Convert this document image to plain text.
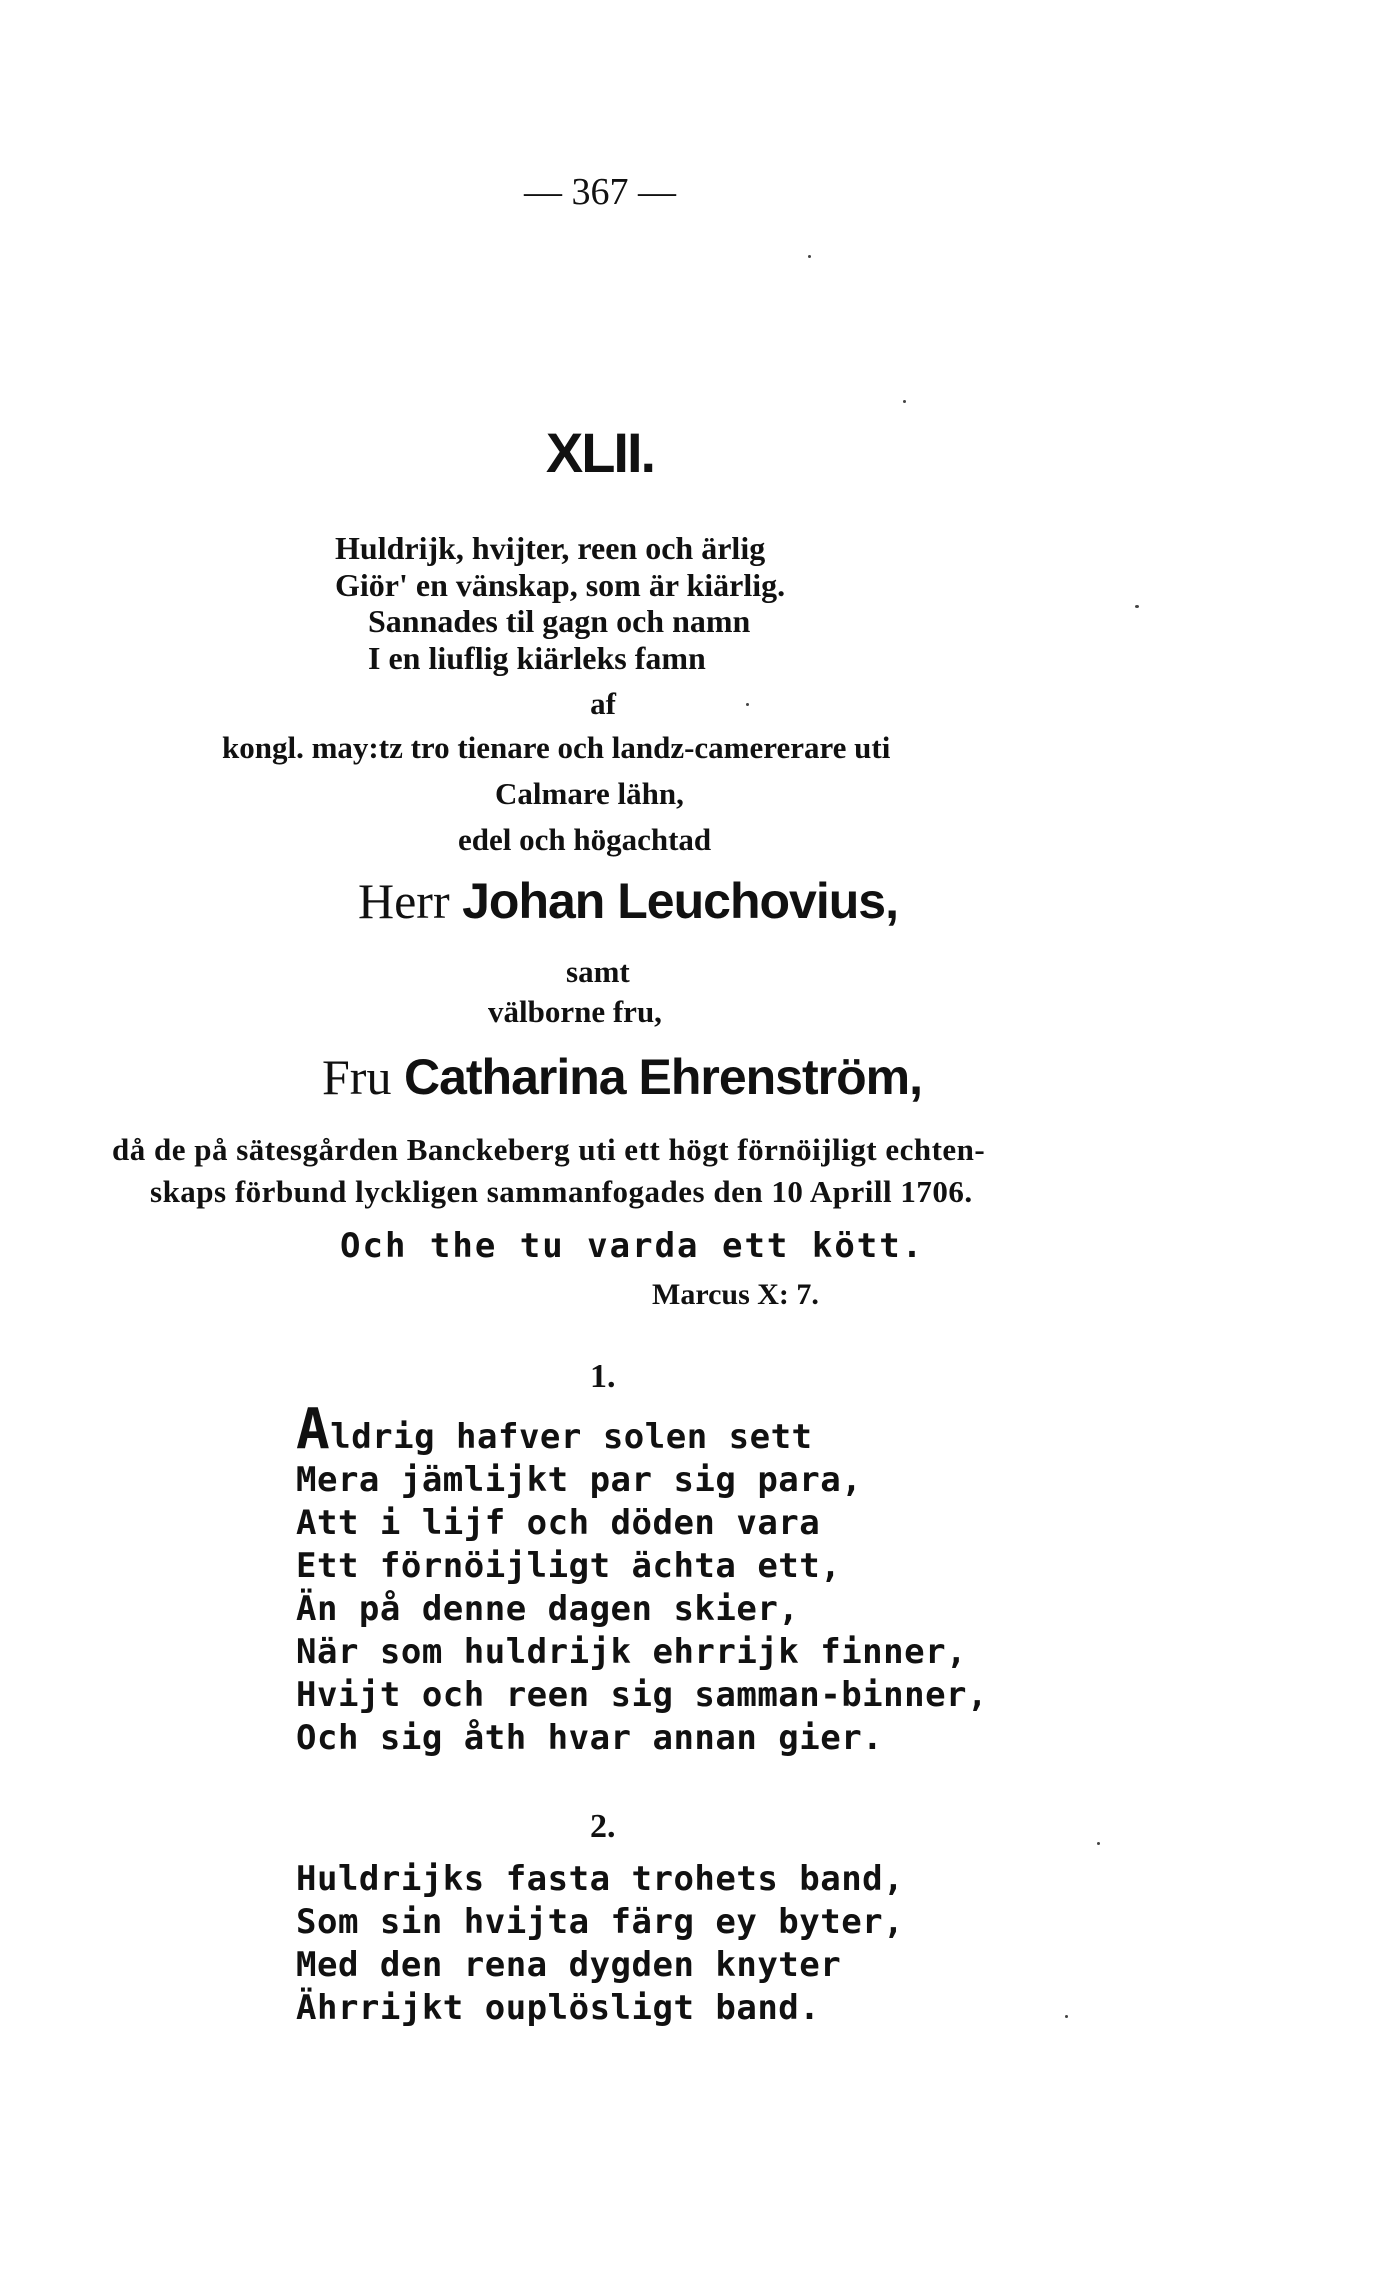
— 367 —
XLII.
Huldrijk, hvijter, reen och ärlig
Giör' en vänskap, som är kiärlig.
Sannades til gagn och namn
I en liuflig kiärleks famn
af
kongl. may:tz tro tienare och landz-camererare uti
Calmare lähn,
edel och högachtad
Herr Johan Leuchovius,
samt
välborne fru,
Fru Catharina Ehrenström,
då de på sätesgården Banckeberg uti ett högt förnöijligt echten-
skaps förbund lyckligen sammanfogades den 10 Aprill 1706.
Och the tu varda ett kött.
Marcus X: 7.
1.
Aldrig hafver solen sett
Mera jämlijkt par sig para,
Att i lijf och döden vara
Ett förnöijligt ächta ett,
Än på denne dagen skier,
När som huldrijk ehrrijk finner,
Hvijt och reen sig samman-binner,
Och sig åth hvar annan gier.
2.
Huldrijks fasta trohets band,
Som sin hvijta färg ey byter,
Med den rena dygden knyter
Ährrijkt ouplösligt band.
